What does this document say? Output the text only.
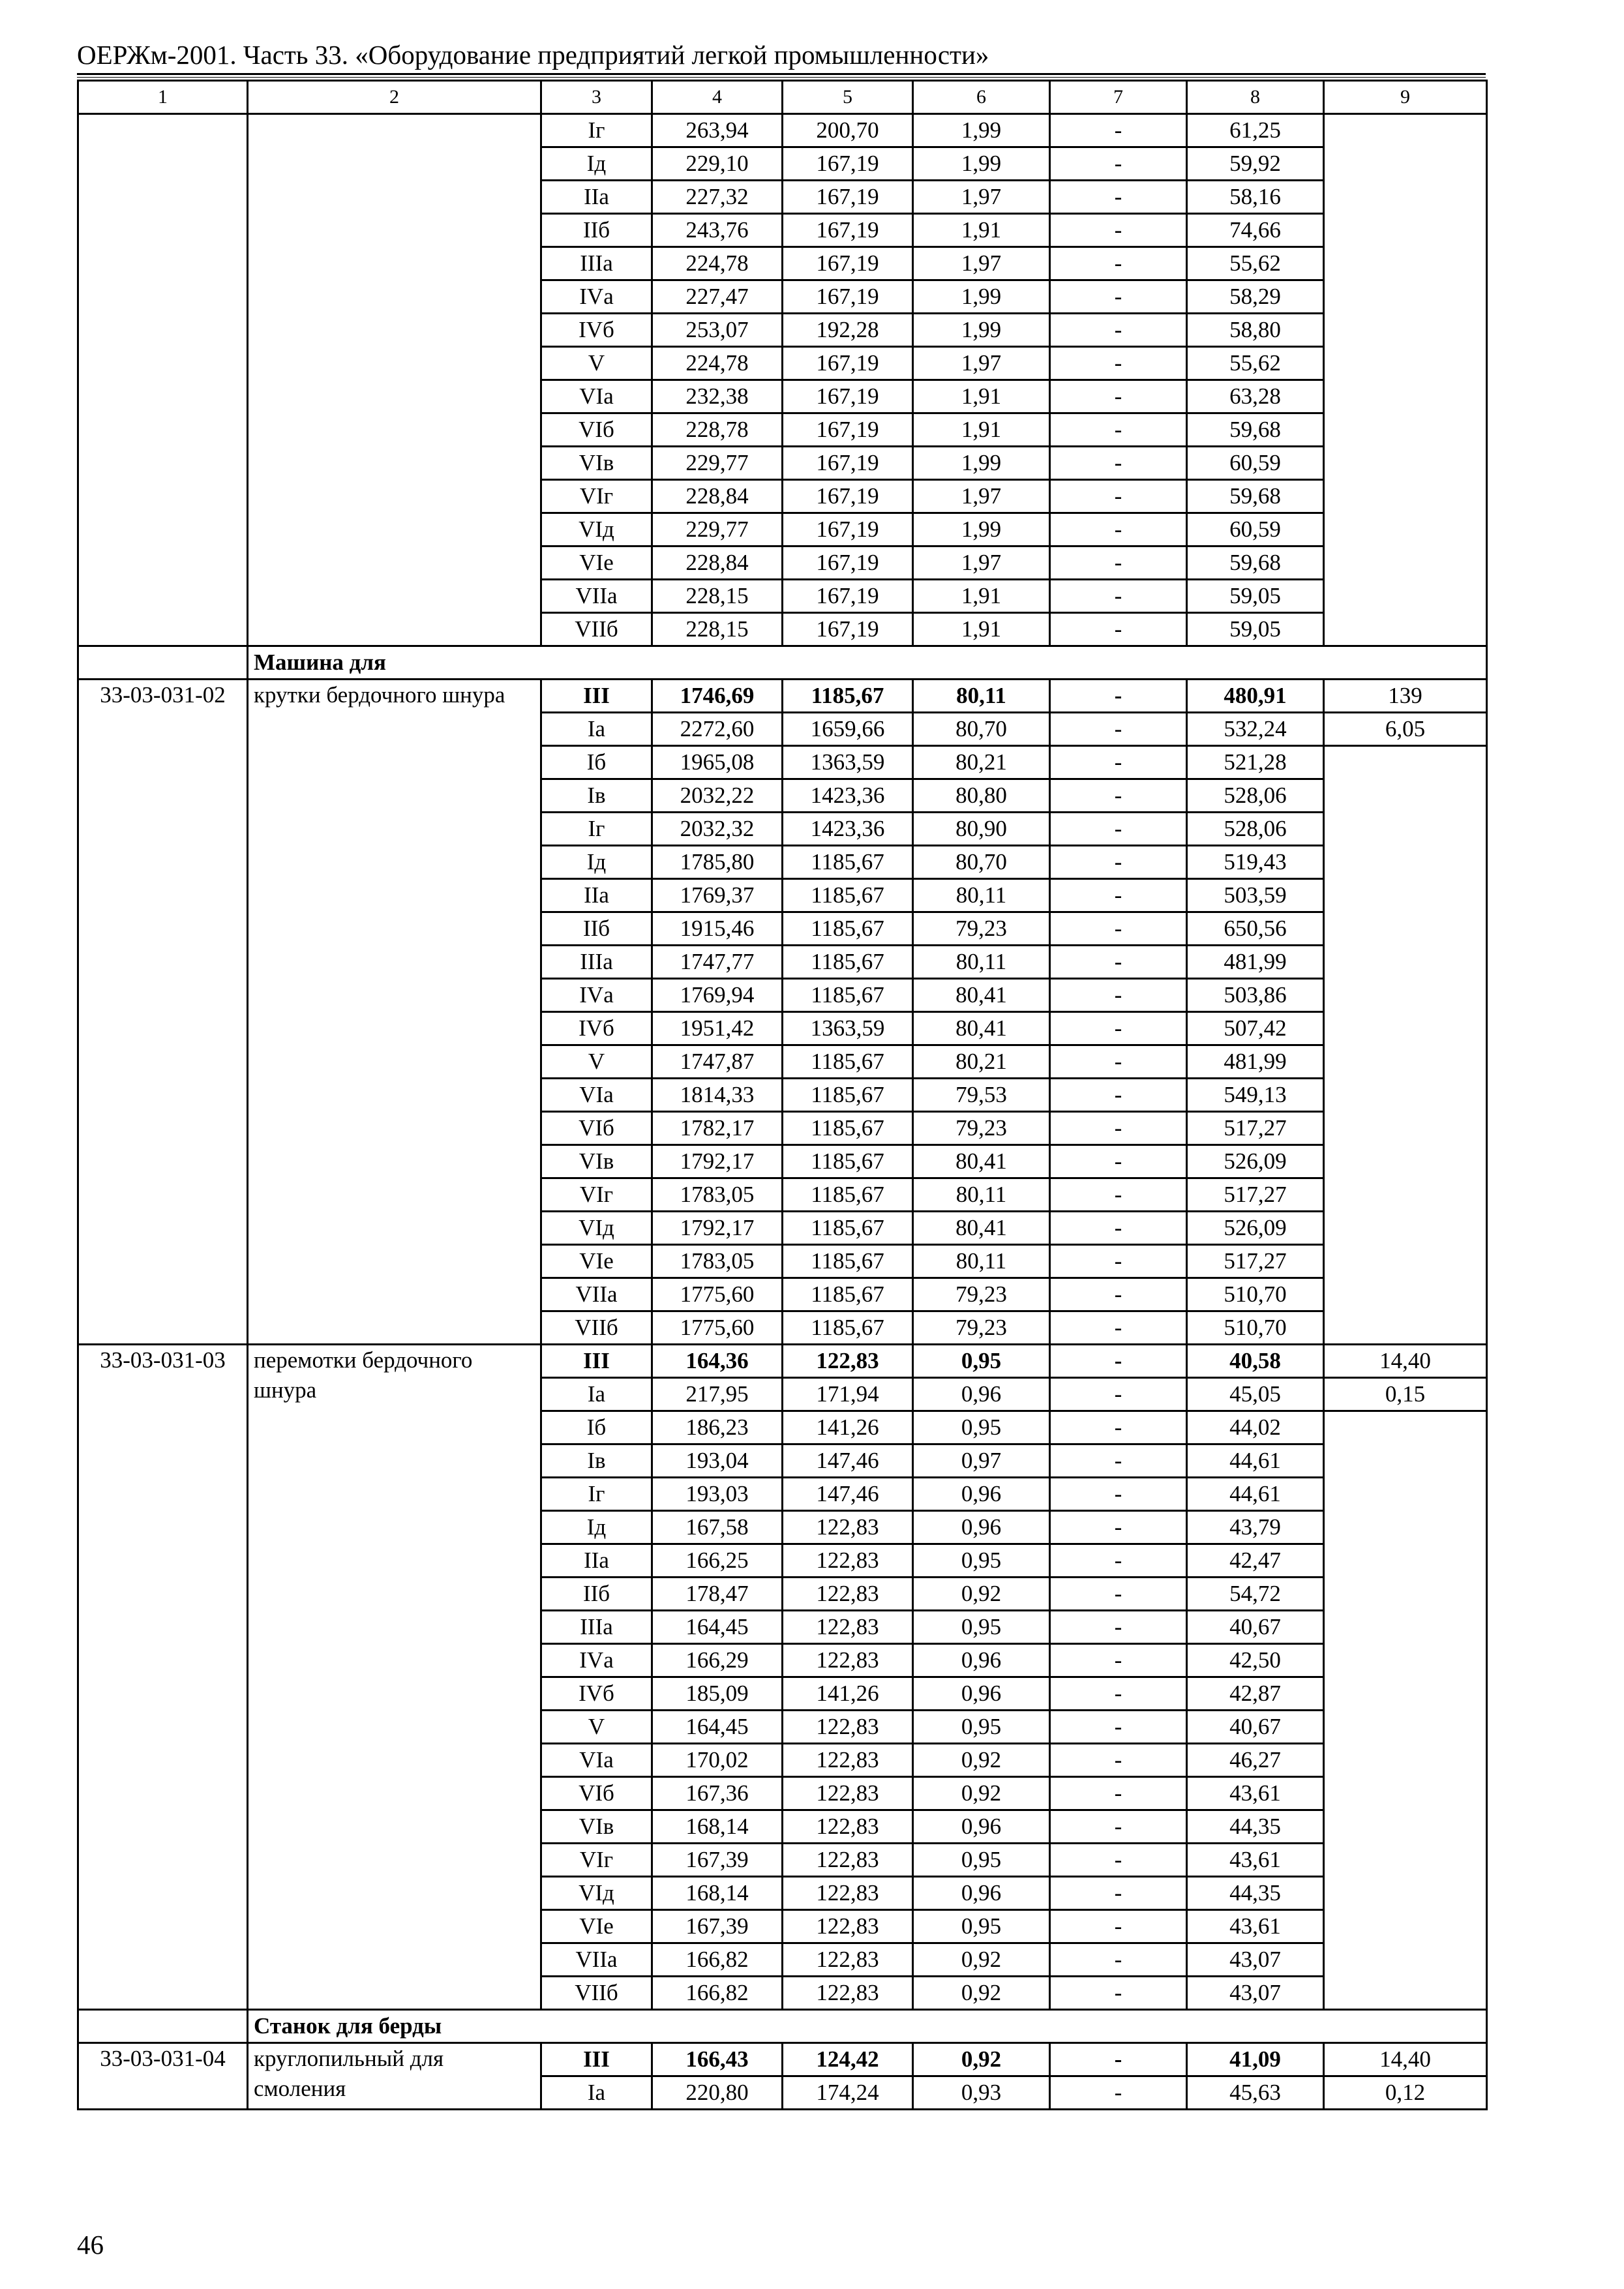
ОЕРЖм-2001. Часть 33. «Оборудование предприятий легкой промышленности»
1	2	3	4	5	6	7	8	9
		Iг	263,94	200,70	1,99	-	61,25	
		Iд	229,10	167,19	1,99	-	59,92	
		IIа	227,32	167,19	1,97	-	58,16	
		IIб	243,76	167,19	1,91	-	74,66	
		IIIа	224,78	167,19	1,97	-	55,62	
		IVа	227,47	167,19	1,99	-	58,29	
		IVб	253,07	192,28	1,99	-	58,80	
		V	224,78	167,19	1,97	-	55,62	
		VIа	232,38	167,19	1,91	-	63,28	
		VIб	228,78	167,19	1,91	-	59,68	
		VIв	229,77	167,19	1,99	-	60,59	
		VIг	228,84	167,19	1,97	-	59,68	
		VIд	229,77	167,19	1,99	-	60,59	
		VIе	228,84	167,19	1,97	-	59,68	
		VIIа	228,15	167,19	1,91	-	59,05	
		VIIб	228,15	167,19	1,91	-	59,05	
	Машина для							
33-03-031-02	крутки бердочного шнура	III	1746,69	1185,67	80,11	-	480,91	139
		Iа	2272,60	1659,66	80,70	-	532,24	6,05
		Iб	1965,08	1363,59	80,21	-	521,28	
		Iв	2032,22	1423,36	80,80	-	528,06	
		Iг	2032,32	1423,36	80,90	-	528,06	
		Iд	1785,80	1185,67	80,70	-	519,43	
		IIа	1769,37	1185,67	80,11	-	503,59	
		IIб	1915,46	1185,67	79,23	-	650,56	
		IIIа	1747,77	1185,67	80,11	-	481,99	
		IVа	1769,94	1185,67	80,41	-	503,86	
		IVб	1951,42	1363,59	80,41	-	507,42	
		V	1747,87	1185,67	80,21	-	481,99	
		VIа	1814,33	1185,67	79,53	-	549,13	
		VIб	1782,17	1185,67	79,23	-	517,27	
		VIв	1792,17	1185,67	80,41	-	526,09	
		VIг	1783,05	1185,67	80,11	-	517,27	
		VIд	1792,17	1185,67	80,41	-	526,09	
		VIе	1783,05	1185,67	80,11	-	517,27	
		VIIа	1775,60	1185,67	79,23	-	510,70	
		VIIб	1775,60	1185,67	79,23	-	510,70	
33-03-031-03	перемотки бердочного шнура	III	164,36	122,83	0,95	-	40,58	14,40
		Iа	217,95	171,94	0,96	-	45,05	0,15
		Iб	186,23	141,26	0,95	-	44,02	
		Iв	193,04	147,46	0,97	-	44,61	
		Iг	193,03	147,46	0,96	-	44,61	
		Iд	167,58	122,83	0,96	-	43,79	
		IIа	166,25	122,83	0,95	-	42,47	
		IIб	178,47	122,83	0,92	-	54,72	
		IIIа	164,45	122,83	0,95	-	40,67	
		IVа	166,29	122,83	0,96	-	42,50	
		IVб	185,09	141,26	0,96	-	42,87	
		V	164,45	122,83	0,95	-	40,67	
		VIа	170,02	122,83	0,92	-	46,27	
		VIб	167,36	122,83	0,92	-	43,61	
		VIв	168,14	122,83	0,96	-	44,35	
		VIг	167,39	122,83	0,95	-	43,61	
		VIд	168,14	122,83	0,96	-	44,35	
		VIе	167,39	122,83	0,95	-	43,61	
		VIIа	166,82	122,83	0,92	-	43,07	
		VIIб	166,82	122,83	0,92	-	43,07	
	Станок для берды							
33-03-031-04	круглопильный для смоления	III	166,43	124,42	0,92	-	41,09	14,40
		Iа	220,80	174,24	0,93	-	45,63	0,12
46
